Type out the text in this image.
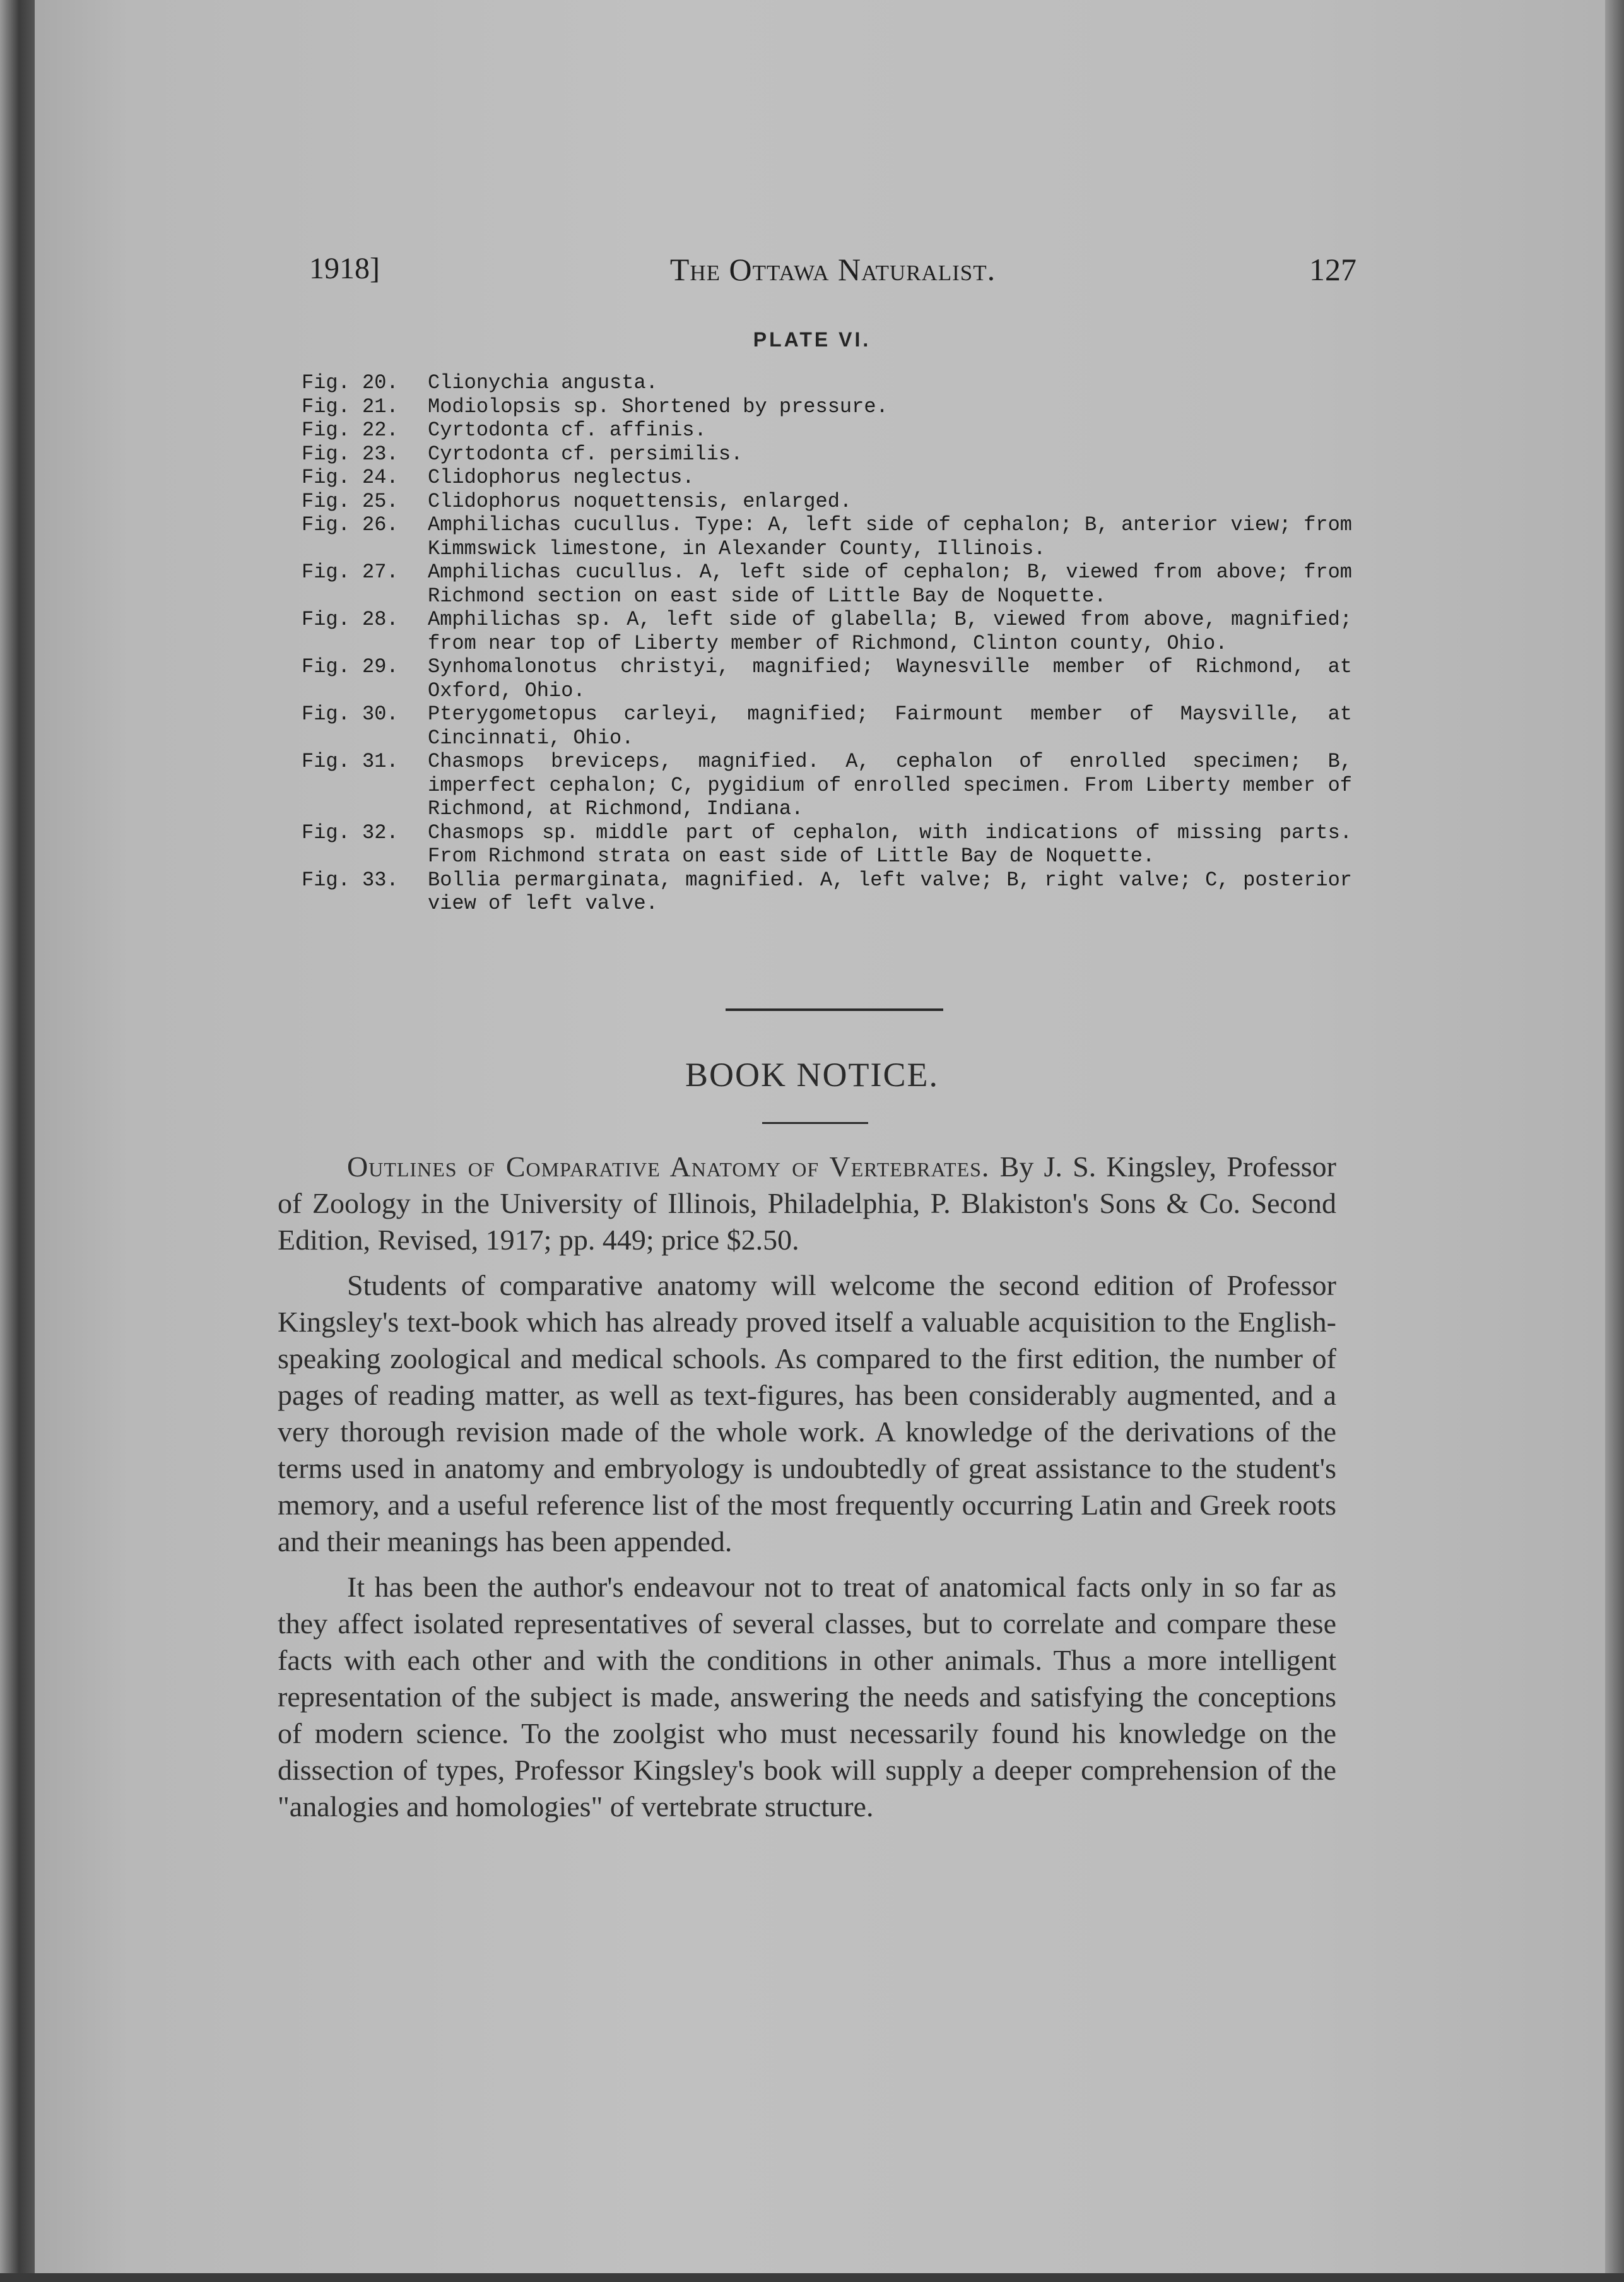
1918]	The Ottawa Naturalist.	127
PLATE VI.
Fig. 20.	Clionychia angusta.
Fig. 21.	Modiolopsis sp. Shortened by pressure.
Fig. 22.	Cyrtodonta cf. affinis.
Fig. 23.	Cyrtodonta cf. persimilis.
Fig. 24.	Clidophorus neglectus.
Fig. 25.	Clidophorus noquettensis, enlarged.
Fig. 26.	Amphilichas cucullus. Type: A, left side of cephalon; B, anterior view; from Kimmswick limestone, in Alexander County, Illinois.
Fig. 27.	Amphilichas cucullus. A, left side of cephalon; B, viewed from above; from Richmond section on east side of Little Bay de Noquette.
Fig. 28.	Amphilichas sp. A, left side of glabella; B, viewed from above, magnified; from near top of Liberty member of Richmond, Clinton county, Ohio.
Fig. 29.	Synhomalonotus christyi, magnified; Waynesville member of Richmond, at Oxford, Ohio.
Fig. 30.	Pterygometopus carleyi, magnified; Fairmount member of Maysville, at Cincinnati, Ohio.
Fig. 31.	Chasmops breviceps, magnified. A, cephalon of enrolled specimen; B, imperfect cephalon; C, pygidium of enrolled specimen. From Liberty member of Richmond, at Richmond, Indiana.
Fig. 32.	Chasmops sp. middle part of cephalon, with indications of missing parts. From Richmond strata on east side of Little Bay de Noquette.
Fig. 33.	Bollia permarginata, magnified. A, left valve; B, right valve; C, posterior view of left valve.
BOOK NOTICE.

Outlines of Comparative Anatomy of Vertebrates. By J. S. Kingsley, Professor of Zoology in the University of Illinois, Philadelphia, P. Blakiston's Sons & Co. Second Edition, Revised, 1917; pp. 449; price $2.50.

Students of comparative anatomy will welcome the second edition of Professor Kingsley's text-book which has already proved itself a valuable acquisition to the English-speaking zoological and medical schools. As compared to the first edition, the number of pages of reading matter, as well as text-figures, has been considerably augmented, and a very thorough revision made of the whole work. A knowledge of the derivations of the terms used in anatomy and embryology is undoubtedly of great assistance to the student's memory, and a useful reference list of the most frequently occurring Latin and Greek roots and their meanings has been appended.

It has been the author's endeavour not to treat of anatomical facts only in so far as they affect isolated representatives of several classes, but to correlate and compare these facts with each other and with the conditions in other animals. Thus a more intelligent representation of the subject is made, answering the needs and satisfying the conceptions of modern science. To the zoolgist who must necessarily found his knowledge on the dissection of types, Professor Kingsley's book will supply a deeper comprehension of the "analogies and homologies" of vertebrate structure.
